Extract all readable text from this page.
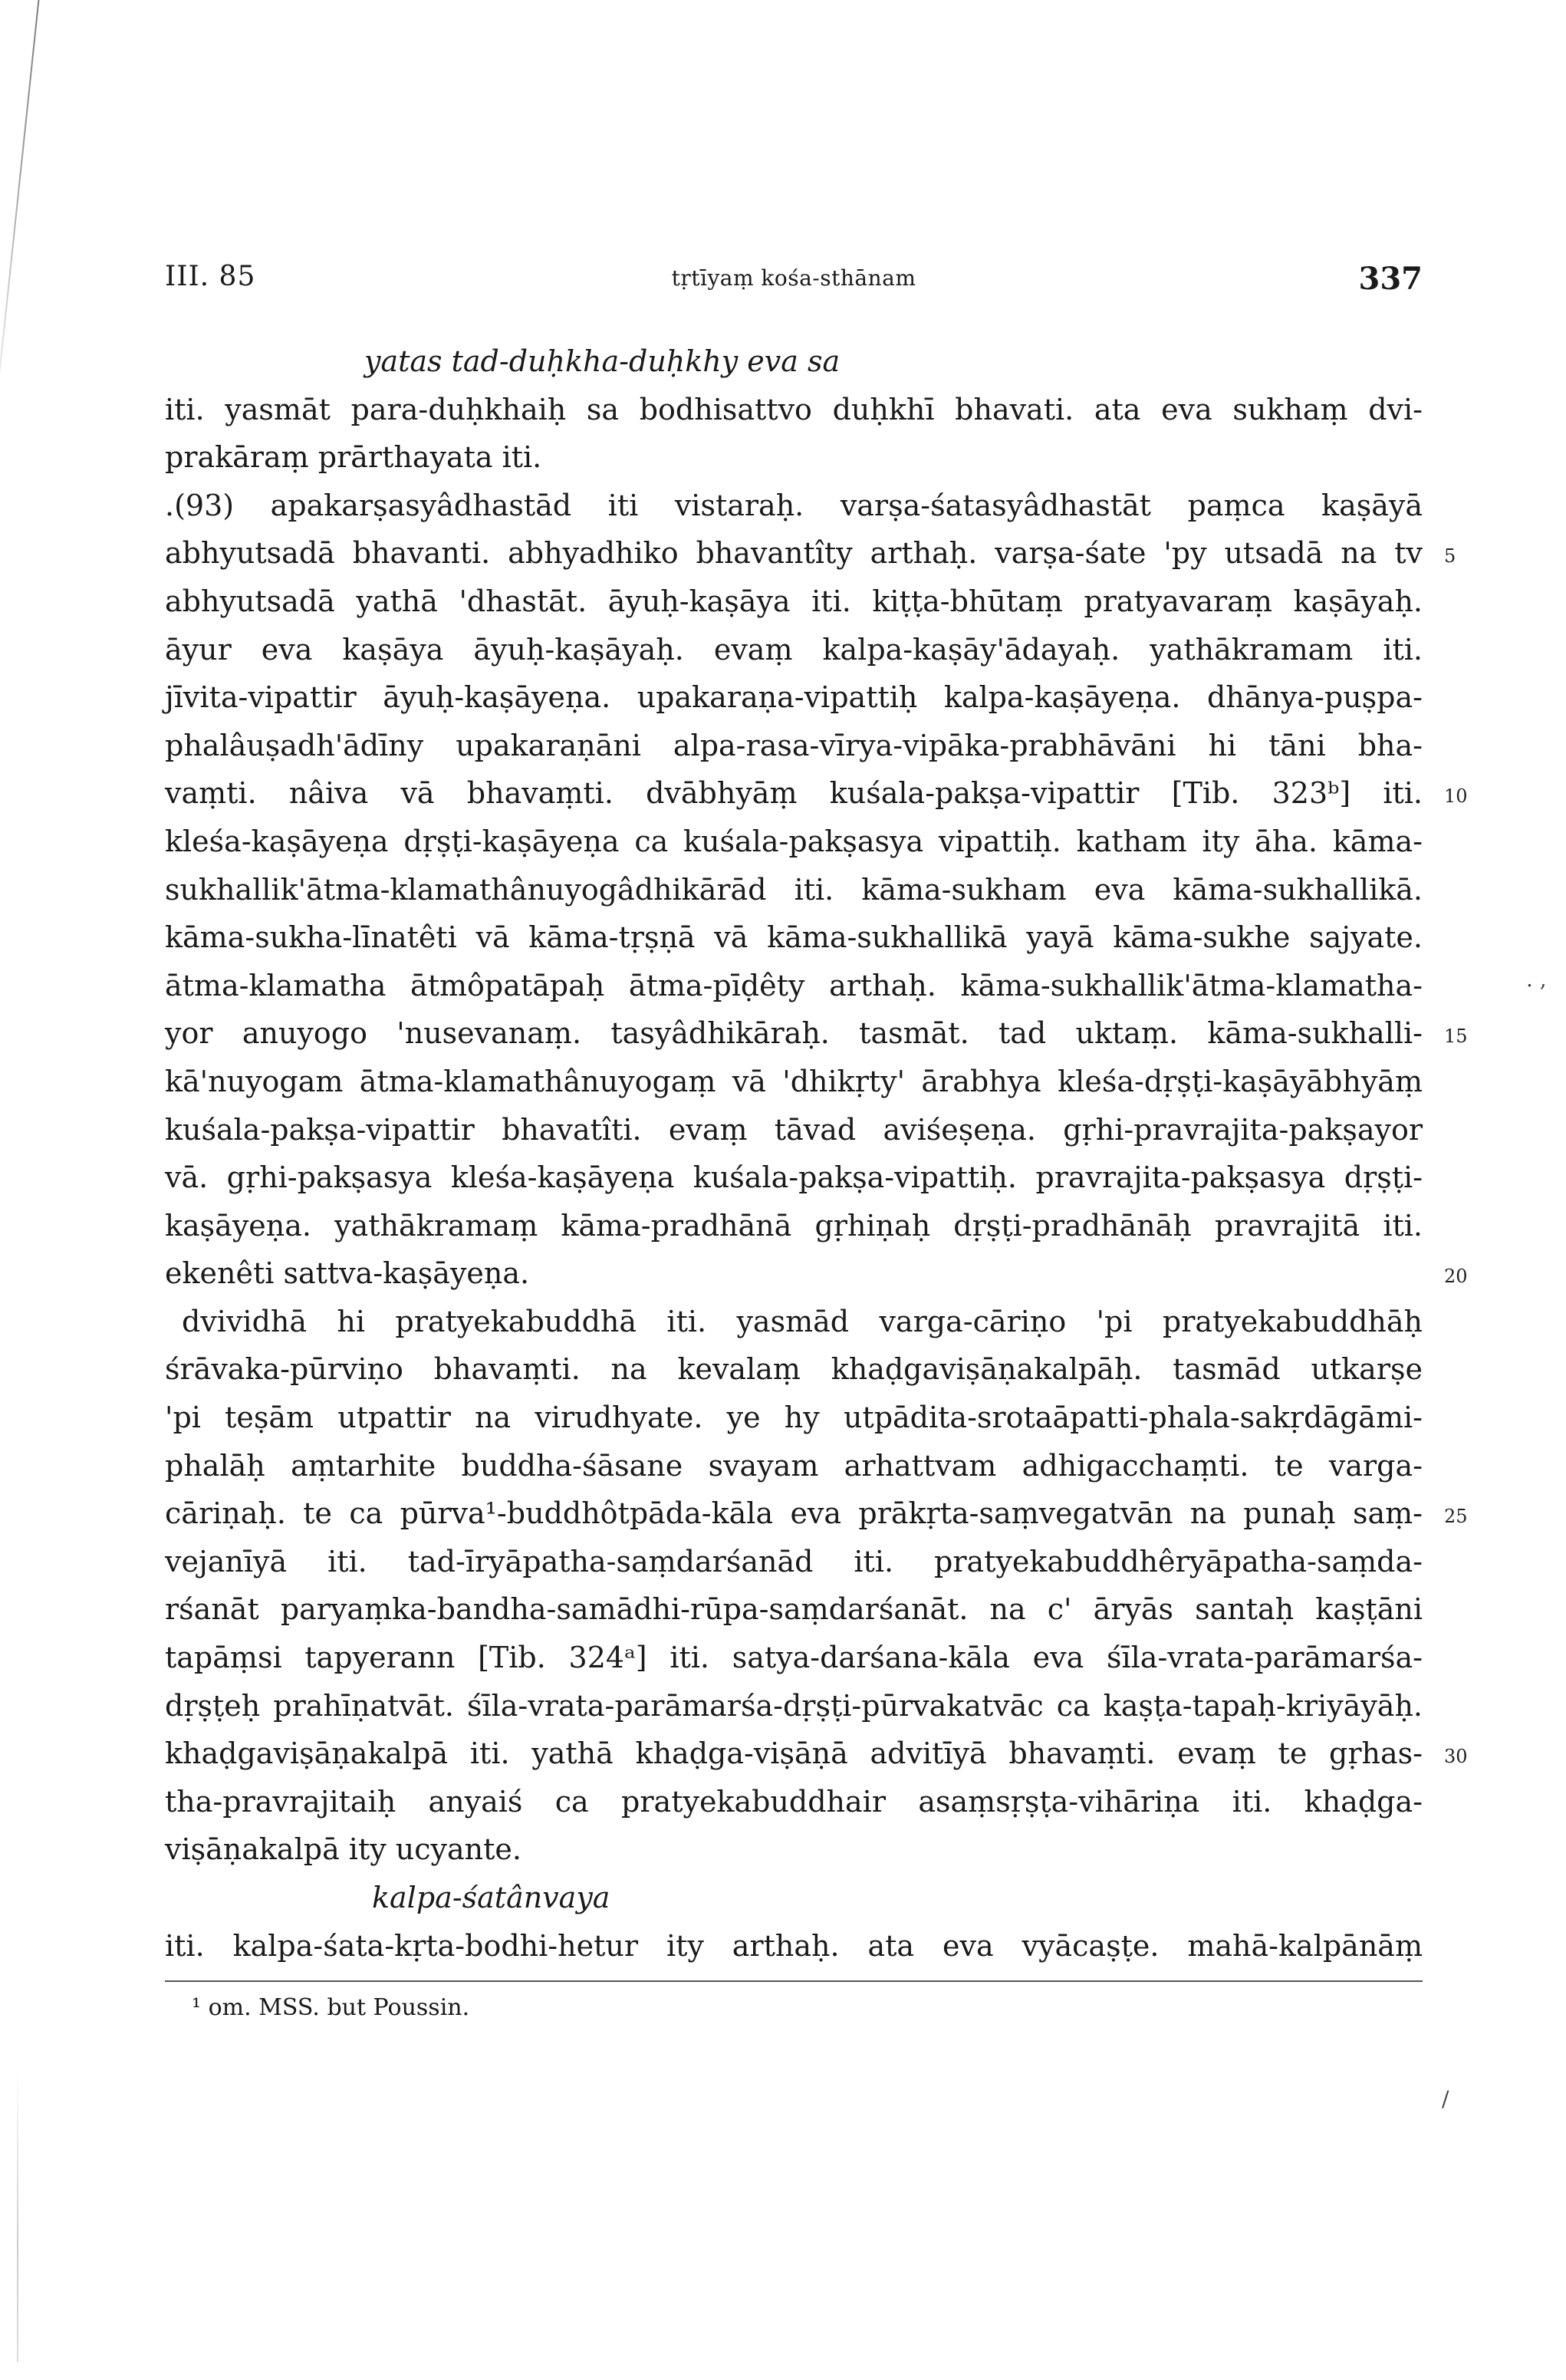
III. 85	tṛtīyaṃ kośa-sthānam	337
yatas tad-duḥkha-duḥkhy eva sa
iti. yasmāt para-duḥkhaiḥ sa bodhisattvo duḥkhī bhavati. ata eva sukhaṃ dvi-
prakāraṃ prārthayata iti.
.(93) apakarṣasyâdhastād iti vistaraḥ. varṣa-śatasyâdhastāt paṃca kaṣāyā
abhyutsadā bhavanti. abhyadhiko bhavantîty arthaḥ. varṣa-śate 'py utsadā na tv 5
abhyutsadā yathā 'dhastāt. āyuḥ-kaṣāya iti. kiṭṭa-bhūtaṃ pratyavaraṃ kaṣāyaḥ.
āyur eva kaṣāya āyuḥ-kaṣāyaḥ. evaṃ kalpa-kaṣāy'ādayaḥ. yathākramam iti.
jīvita-vipattir āyuḥ-kaṣāyeṇa. upakaraṇa-vipattiḥ kalpa-kaṣāyeṇa. dhānya-puṣpa-
phalâuṣadh'ādīny upakaraṇāni alpa-rasa-vīrya-vipāka-prabhāvāni hi tāni bha-
vaṃti. nâiva vā bhavaṃti. dvābhyāṃ kuśala-pakṣa-vipattir [Tib. 323ᵇ] iti. 10
kleśa-kaṣāyeṇa dṛṣṭi-kaṣāyeṇa ca kuśala-pakṣasya vipattiḥ. katham ity āha. kāma-
sukhallik'ātma-klamathânuyogâdhikārād iti. kāma-sukham eva kāma-sukhallikā.
kāma-sukha-līnatêti vā kāma-tṛṣṇā vā kāma-sukhallikā yayā kāma-sukhe sajyate.
ātma-klamatha ātmôpatāpaḥ ātma-pīḍêty arthaḥ. kāma-sukhallik'ātma-klamatha-
yor anuyogo 'nusevanaṃ. tasyâdhikāraḥ. tasmāt. tad uktaṃ. kāma-sukhalli- 15
kā'nuyogam ātma-klamathânuyogaṃ vā 'dhikṛty' ārabhya kleśa-dṛṣṭi-kaṣāyābhyāṃ
kuśala-pakṣa-vipattir bhavatîti. evaṃ tāvad aviśeṣeṇa. gṛhi-pravrajita-pakṣayor
vā. gṛhi-pakṣasya kleśa-kaṣāyeṇa kuśala-pakṣa-vipattiḥ. pravrajita-pakṣasya dṛṣṭi-
kaṣāyeṇa. yathākramaṃ kāma-pradhānā gṛhiṇaḥ dṛṣṭi-pradhānāḥ pravrajitā iti.
ekenêti sattva-kaṣāyeṇa.	20
dvividhā hi pratyekabuddhā iti. yasmād varga-cāriṇo 'pi pratyekabuddhāḥ
śrāvaka-pūrviṇo bhavaṃti. na kevalaṃ khaḍgaviṣāṇakalpāḥ. tasmād utkarṣe
'pi teṣām utpattir na virudhyate. ye hy utpādita-srotaāpatti-phala-sakṛdāgāmi-
phalāḥ aṃtarhite buddha-śāsane svayam arhattvam adhigacchaṃti. te varga-
cāriṇaḥ. te ca pūrva¹-buddhôtpāda-kāla eva prākṛta-saṃvegatvān na punaḥ saṃ- 25
vejanīyā iti. tad-īryāpatha-saṃdarśanād iti. pratyekabuddhêryāpatha-saṃda-
rśanāt paryaṃka-bandha-samādhi-rūpa-saṃdarśanāt. na c' āryās santaḥ kaṣṭāni
tapāṃsi tapyerann [Tib. 324ᵃ] iti. satya-darśana-kāla eva śīla-vrata-parāmarśa-
dṛṣṭeḥ prahīṇatvāt. śīla-vrata-parāmarśa-dṛṣṭi-pūrvakatvāc ca kaṣṭa-tapaḥ-kriyāyāḥ.
khaḍgaviṣāṇakalpā iti. yathā khaḍga-viṣāṇā advitīyā bhavaṃti. evaṃ te gṛhas- 30
tha-pravrajitaiḥ anyaiś ca pratyekabuddhair asaṃsṛṣṭa-vihāriṇa iti. khaḍga-
viṣāṇakalpā ity ucyante.
kalpa-śatânvaya
iti. kalpa-śata-kṛta-bodhi-hetur ity arthaḥ. ata eva vyācaṣṭe. mahā-kalpānāṃ
¹ om. MSS. but Poussin.
. ,
/
